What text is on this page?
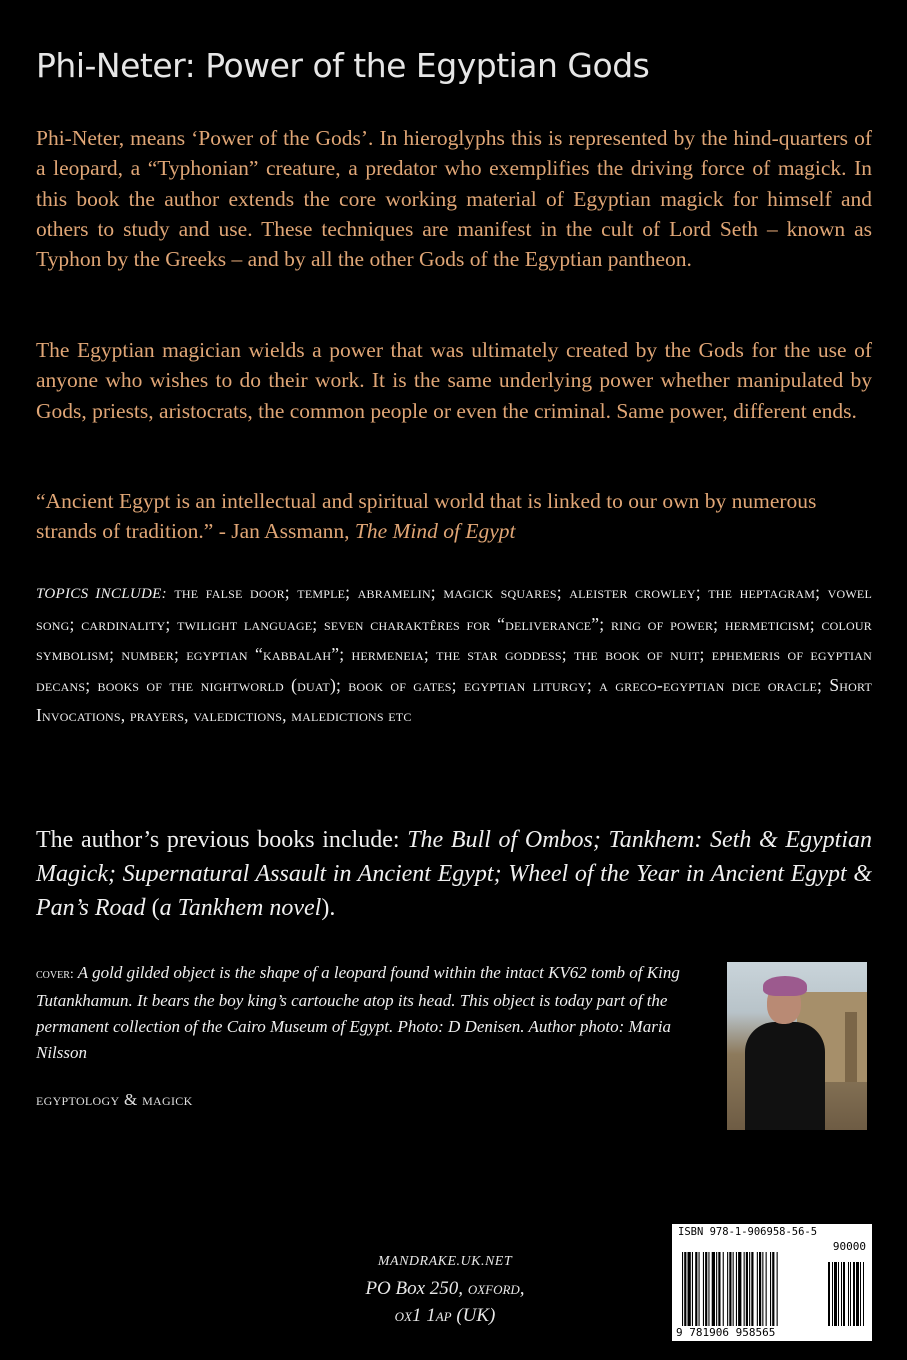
Phi-Neter: Power of the Egyptian Gods

Phi-Neter, means ‘Power of the Gods’. In hieroglyphs this is represented by the hind-quarters of a leopard, a “Typhonian” creature, a predator who exemplifies the driving force of magick. In this book the author extends the core working material of Egyptian magick for himself and others to study and use. These techniques are manifest in the cult of Lord Seth – known as Typhon by the Greeks – and by all the other Gods of the Egyptian pantheon.

The Egyptian magician wields a power that was ultimately created by the Gods for the use of anyone who wishes to do their work. It is the same underlying power whether manipulated by Gods, priests, aristocrats, the common people or even the criminal. Same power, different ends.

“Ancient Egypt is an intellectual and spiritual world that is linked to our own by numerous strands of tradition.” - Jan Assmann, The Mind of Egypt

TOPICS INCLUDE: the false door; temple; abramelin; magick squares; aleister crowley; the heptagram; vowel song; cardinality; twilight language; seven charaktêres for “deliverance”; ring of power; hermeticism; colour symbolism; number; egyptian “kabbalah”; hermeneia; the star goddess; the book of nuit; ephemeris of egyptian decans; books of the nightworld (duat); book of gates; egyptian liturgy; a greco-egyptian dice oracle; Short Invocations, prayers, valedictions, maledictions etc

The author’s previous books include: The Bull of Ombos; Tankhem: Seth & Egyptian Magick; Supernatural Assault in Ancient Egypt; Wheel of the Year in Ancient Egypt & Pan’s Road (a Tankhem novel).

cover: A gold gilded object is the shape of a leopard found within the intact KV62 tomb of King Tutankhamun. It bears the boy king’s cartouche atop its head. This object is today part of the permanent collection of the Cairo Museum of Egypt. Photo: D Denisen. Author photo: Maria Nilsson

egyptology & magick
MANDRAKE.UK.NET
PO Box 250, oxford,
ox1 1ap (UK)
ISBN 978-1-906958-56-5
90000
9 781906 958565
